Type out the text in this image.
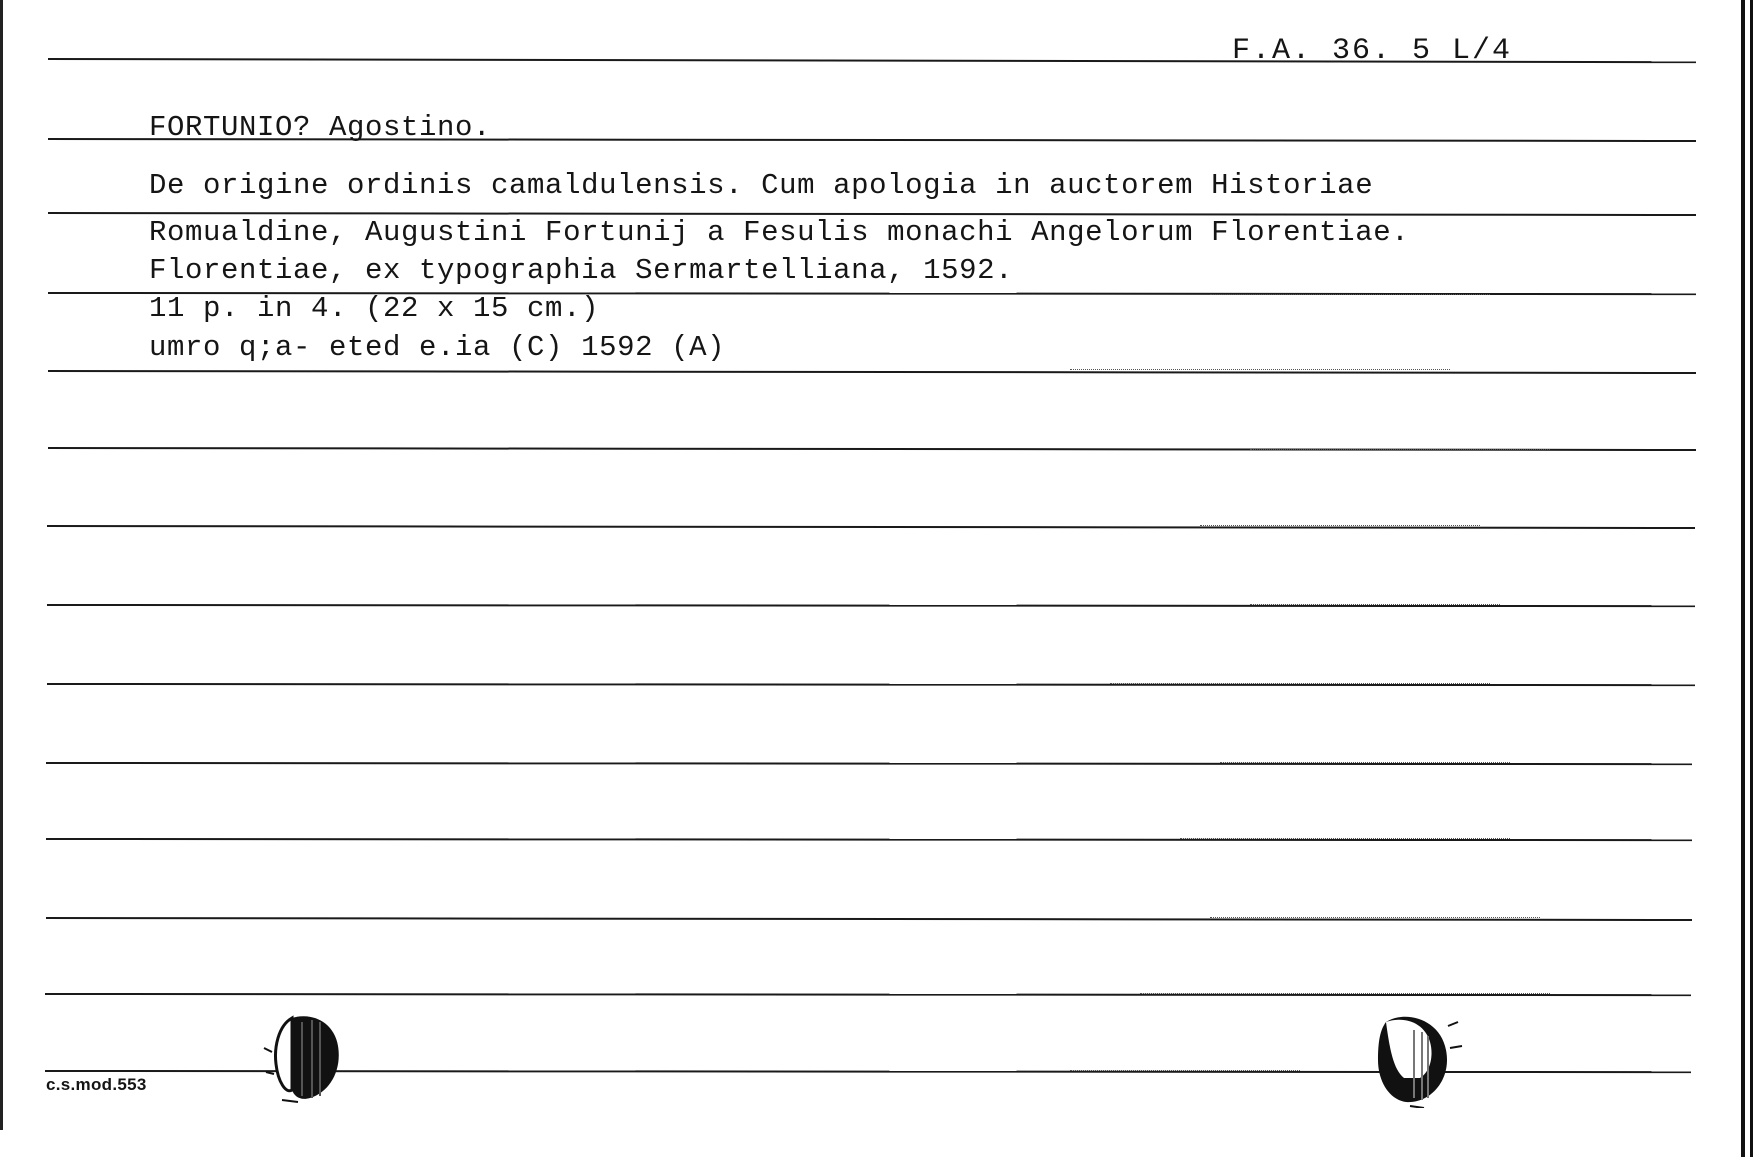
F.A. 36. 5 L/4
FORTUNIO? Agostino.
De origine ordinis camaldulensis. Cum apologia in auctorem Historiae
Romualdine, Augustini Fortunij a Fesulis monachi Angelorum Florentiae.
Florentiae, ex typographia Sermartelliana, 1592.
11 p. in 4. (22 x 15 cm.)
umro q;a- eted e.ia (C) 1592 (A)
c.s.mod.553
